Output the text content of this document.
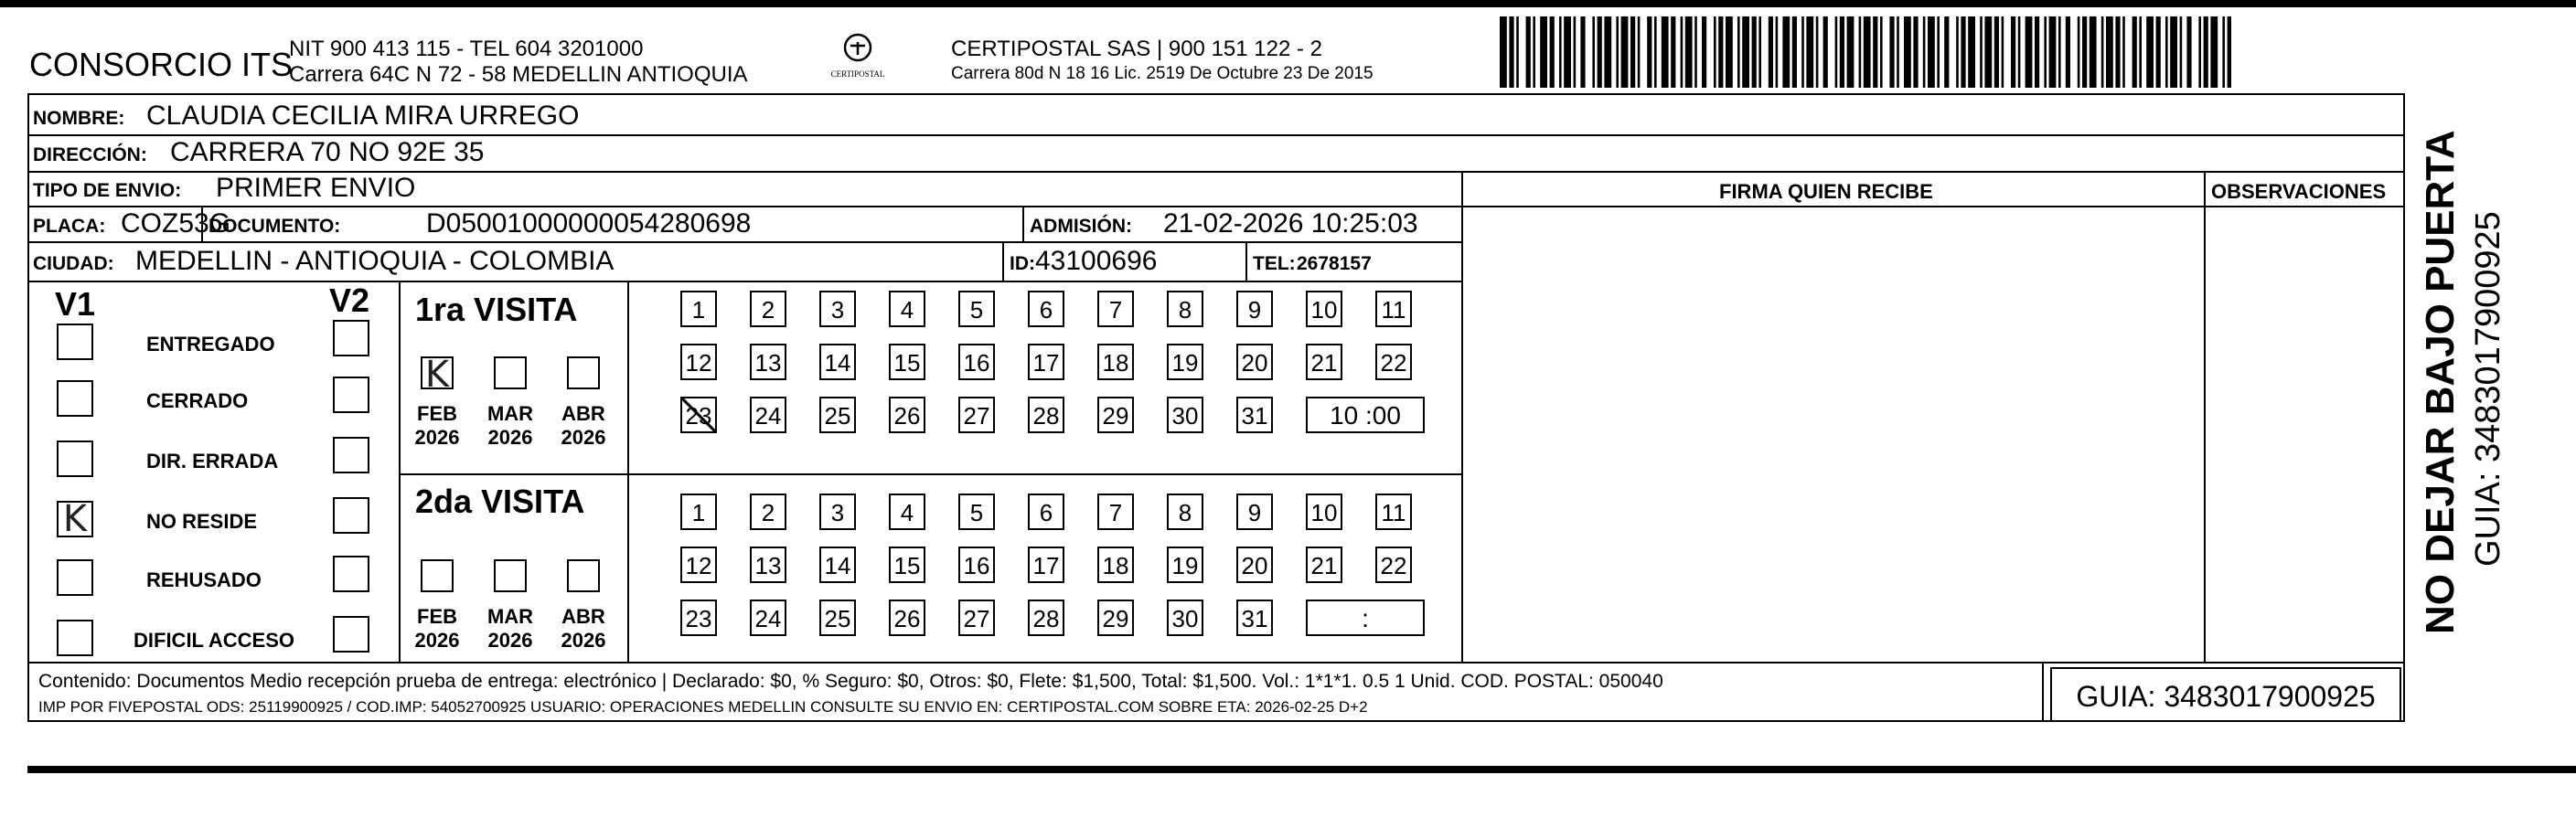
CONSORCIO ITS
NIT 900 413 115 - TEL 604 3201000
Carrera 64C N 72 - 58 MEDELLIN ANTIOQUIA	CERTIPOSTAL
CERTIPOSTAL SAS | 900 151 122 - 2
Carrera 80d N 18 16 Lic. 2519 De Octubre 23 De 2015
NOMBRE: CLAUDIA CECILIA MIRA URREGO
DIRECCIÓN: CARRERA 70 NO 92E 35
TIPO DE ENVIO: PRIMER ENVIO	FIRMA QUIEN RECIBE	OBSERVACIONES
PLACA: COZ53G
DOCUMENTO:	D05001000000054280698	ADMISIÓN: 21-02-2026 10:25:03
CIUDAD: MEDELLIN - ANTIOQUIA - COLOMBIA	ID: 43100696	TEL: 2678157
V1	V2
ENTREGADO
CERRADO
DIR. ERRADA
K	NO RESIDE
REHUSADO
DIFICIL ACCESO
1ra VISITA
2da VISITA
K
FEB
2026
MAR
2026
ABR
2026
1	2	3	4	5	6	7	8	9	10 11
12 13 14 15 16 17 18 19 20 21 22
23 24 25 26 27 28 29 30 31	10 :00
FEB
2026
MAR
2026
ABR
2026
1	2	3	4	5	6	7	8	9	10 11
12 13 14 15 16 17 18 19 20 21 22
23 24 25 26 27 28 29 30 31	:
Contenido: Documentos Medio recepción prueba de entrega: electrónico | Declarado: $0, % Seguro: $0, Otros: $0, Flete: $1,500, Total: $1,500. Vol.: 1*1*1. 0.5 1 Unid. COD. POSTAL: 050040
IMP POR FIVEPOSTAL ODS: 25119900925 / COD.IMP: 54052700925 USUARIO: OPERACIONES MEDELLIN CONSULTE SU ENVIO EN: CERTIPOSTAL.COM SOBRE ETA: 2026-02-25 D+2	GUIA: 3483017900925
NO DEJAR BAJO PUERTA GUIA: 3483017900925
